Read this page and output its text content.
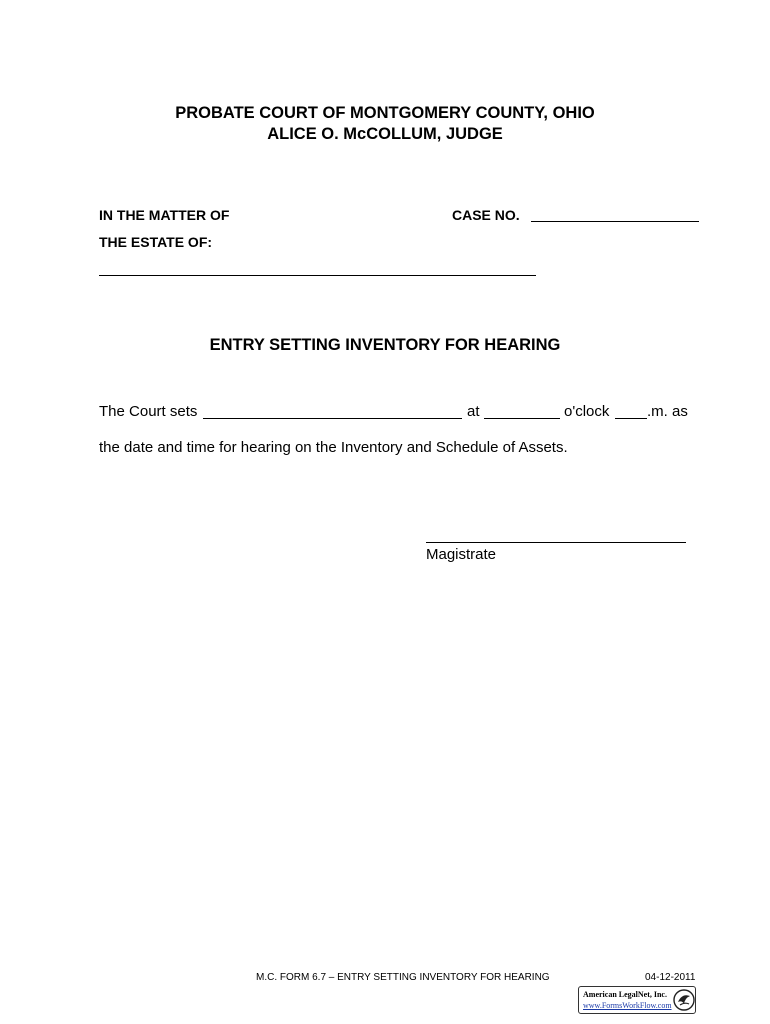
PROBATE COURT OF MONTGOMERY COUNTY, OHIO
ALICE O. McCOLLUM, JUDGE
IN THE MATTER OF	CASE NO.
THE ESTATE OF:
ENTRY SETTING INVENTORY FOR HEARING
The Court sets	at	o'clock	.m. as
the date and time for hearing on the Inventory and Schedule of Assets.
Magistrate
M.C. FORM 6.7 – ENTRY SETTING INVENTORY FOR HEARING	04-12-2011
American LegalNet, Inc.
www.FormsWorkFlow.com
